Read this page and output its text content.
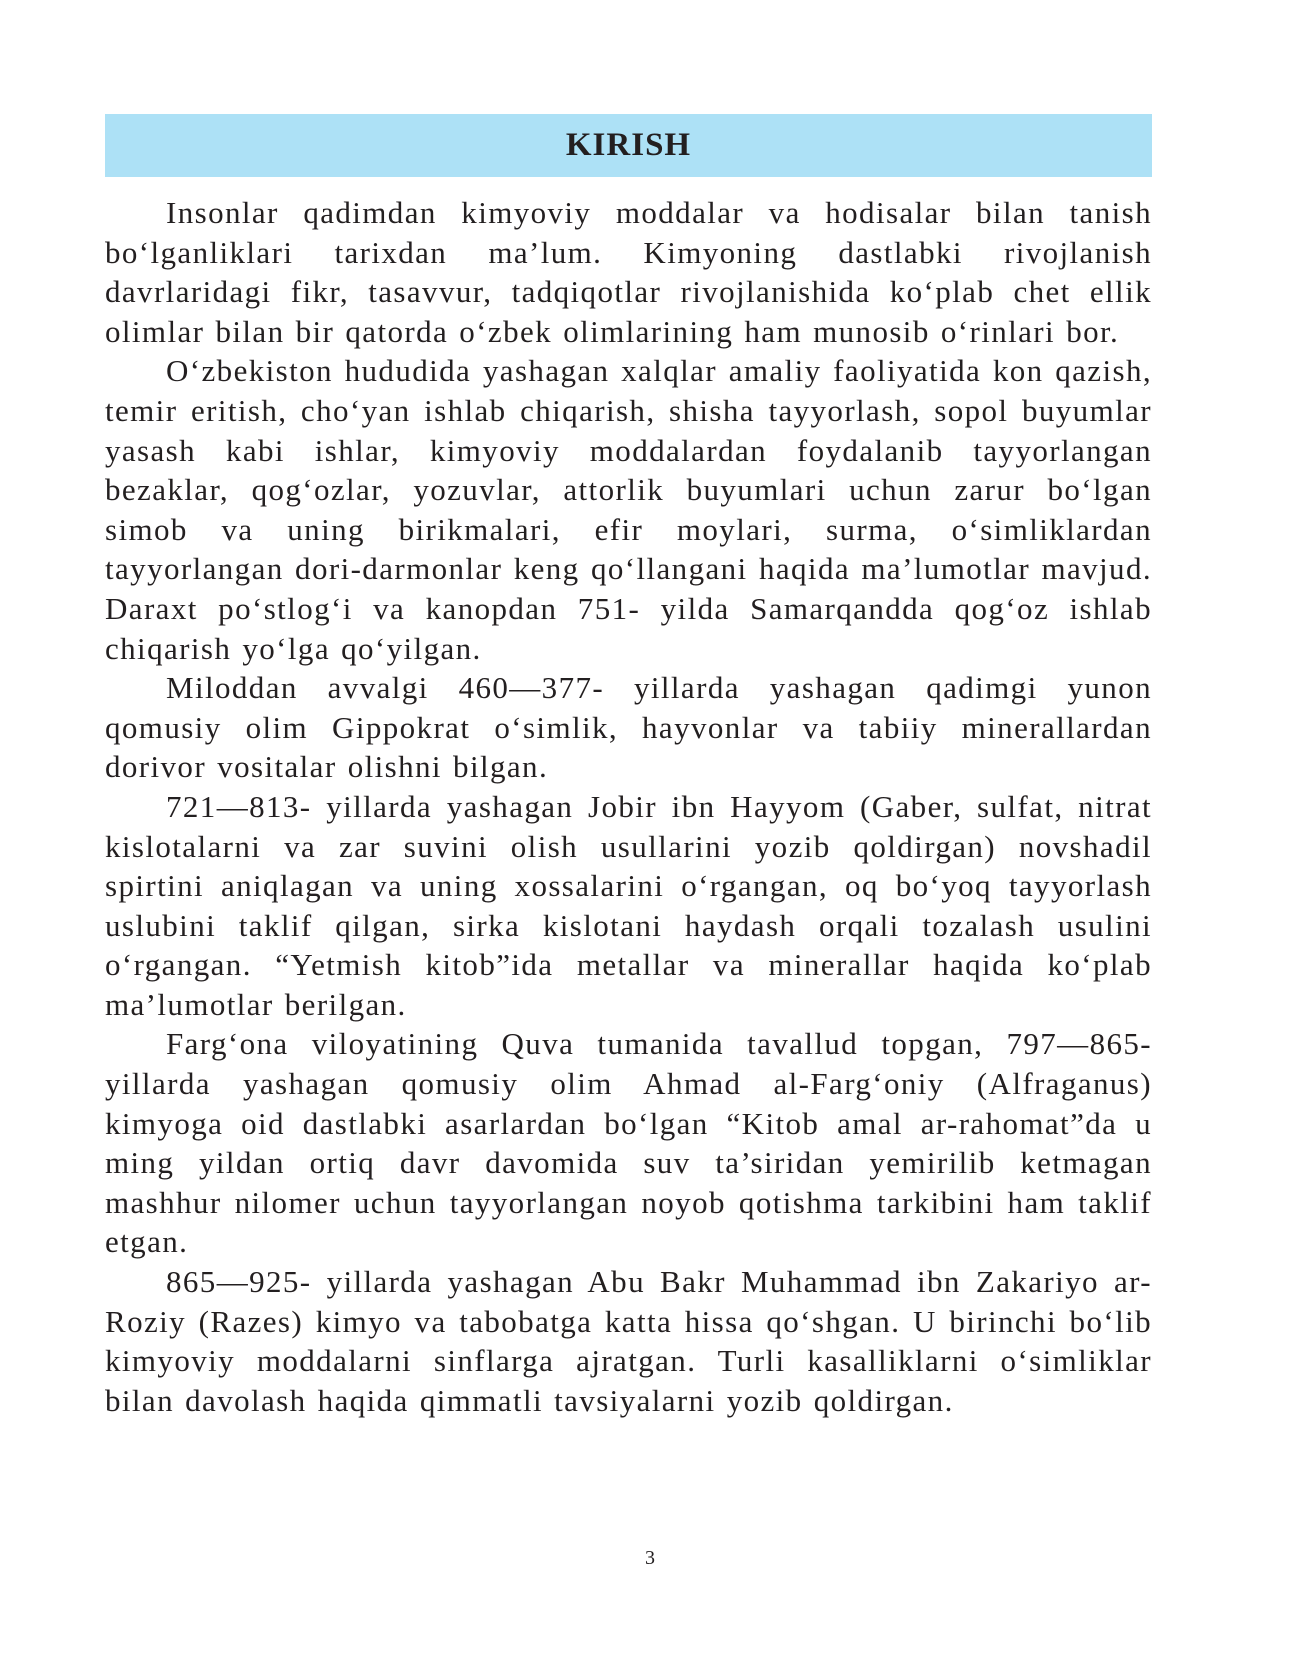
KIRISH

Insonlar qadimdan kimyoviy moddalar va hodisalar bilan tanish bo‘lganliklari tarixdan ma’lum. Kimyoning dastlabki rivojlanish davrlaridagi fikr, tasavvur, tadqiqotlar rivojlanishida ko‘plab chet ellik olimlar bilan bir qatorda o‘zbek olimlarining ham munosib o‘rinlari bor.

O‘zbekiston hududida yashagan xalqlar amaliy faoliyatida kon qazish, temir eritish, cho‘yan ishlab chiqarish, shisha tayyorlash, sopol buyumlar yasash kabi ishlar, kimyoviy moddalardan foydalanib tayyorlangan bezaklar, qog‘ozlar, yozuvlar, attorlik buyumlari uchun zarur bo‘lgan simob va uning birikmalari, efir moylari, surma, o‘simliklardan tayyorlangan dori-darmonlar keng qo‘llangani haqida ma’lumotlar mavjud. Daraxt po‘stlog‘i va kanopdan 751- yilda Samarqandda qog‘oz ishlab chiqarish yo‘lga qo‘yilgan.

Miloddan avvalgi 460—377- yillarda yashagan qadimgi yunon qomusiy olim Gippokrat o‘simlik, hayvonlar va tabiiy minerallardan dorivor vositalar olishni bilgan.

721—813- yillarda yashagan Jobir ibn Hayyom (Gaber, sulfat, nitrat kislotalarni va zar suvini olish usullarini yozib qoldirgan) novshadil spirtini aniqlagan va uning xossalarini o‘rgangan, oq bo‘yoq tayyorlash uslubini taklif qilgan, sirka kislotani haydash orqali tozalash usulini o‘rgangan. “Yetmish kitob”ida metallar va minerallar haqida ko‘plab ma’lumotlar berilgan.

Farg‘ona viloyatining Quva tumanida tavallud topgan, 797—865- yillarda yashagan qomusiy olim Ahmad al-Farg‘oniy (Alfraganus) kimyoga oid dastlabki asarlardan bo‘lgan “Kitob amal ar-rahomat”da u ming yildan ortiq davr davomida suv ta’siridan yemirilib ketmagan mashhur nilomer uchun tayyorlangan noyob qotishma tarkibini ham taklif etgan.

865—925- yillarda yashagan Abu Bakr Muhammad ibn Zakariyo ar-Roziy (Razes) kimyo va tabobatga katta hissa qo‘shgan. U birinchi bo‘lib kimyoviy moddalarni sinflarga ajratgan. Turli kasalliklarni o‘simliklar bilan davolash haqida qimmatli tavsiyalarni yozib qoldirgan.

3
